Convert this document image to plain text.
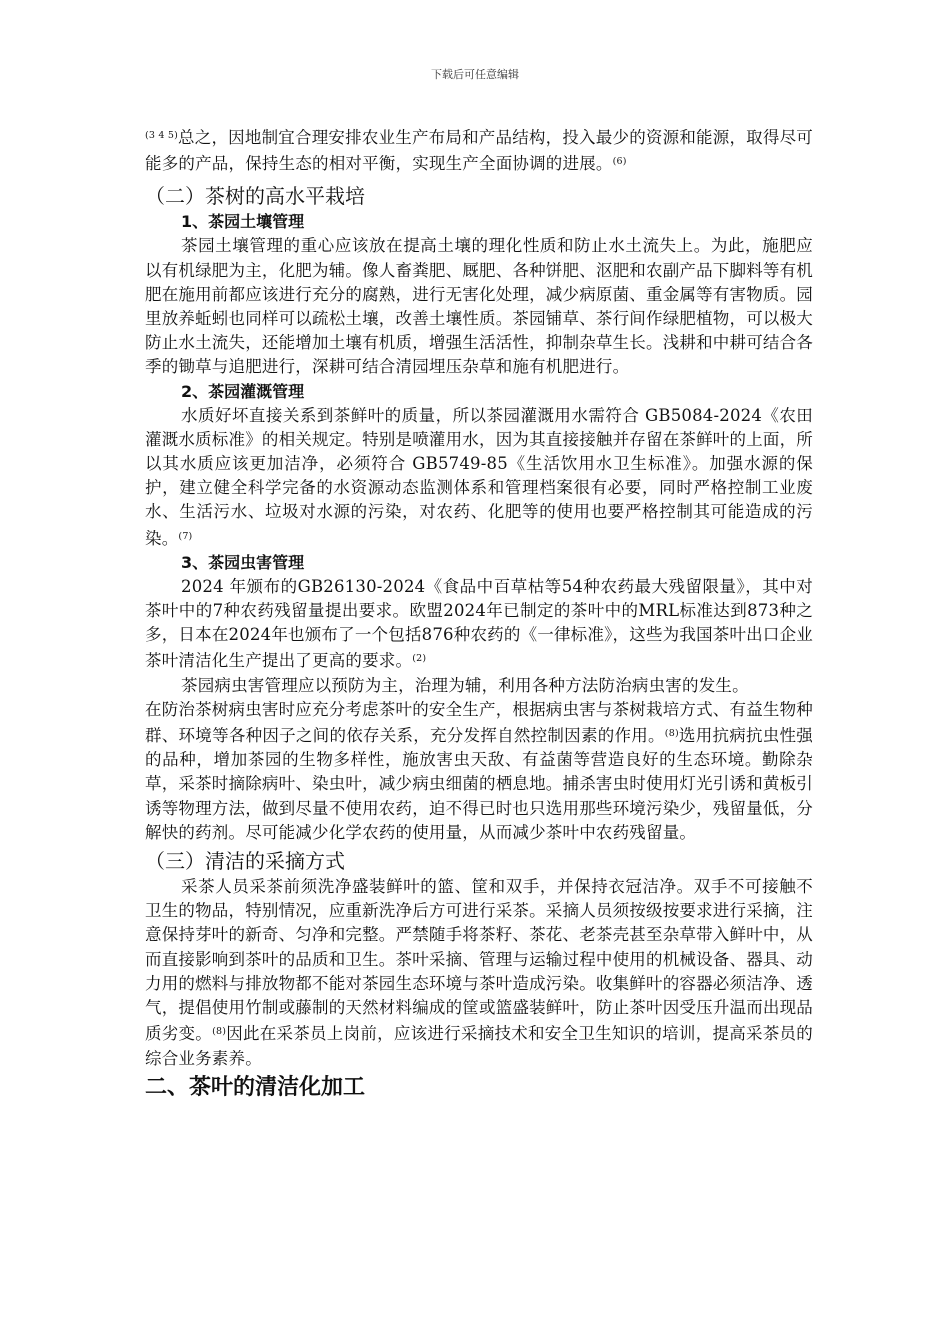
下载后可任意编辑

$^{(3 4 5)}$总之，因地制宜合理安排农业生产布局和产品结构，投入最少的资源和能源，取得尽可能多的产品，保持生态的相对平衡，实现生产全面协调的进展。$^{(6)}$

（二）茶树的高水平栽培
1、茶园土壤管理

茶园土壤管理的重心应该放在提高土壤的理化性质和防止水土流失上。为此，施肥应以有机绿肥为主，化肥为辅。像人畜粪肥、厩肥、各种饼肥、沤肥和农副产品下脚料等有机肥在施用前都应该进行充分的腐熟，进行无害化处理，减少病原菌、重金属等有害物质。园里放养蚯蚓也同样可以疏松土壤，改善土壤性质。茶园铺草、茶行间作绿肥植物，可以极大防止水土流失，还能增加土壤有机质，增强生活活性，抑制杂草生长。浅耕和中耕可结合各季的锄草与追肥进行，深耕可结合清园埋压杂草和施有机肥进行。

2、茶园灌溉管理

水质好坏直接关系到茶鲜叶的质量，所以茶园灌溉用水需符合 GB5084-2024《农田灌溉水质标准》的相关规定。特别是喷灌用水，因为其直接接触并存留在茶鲜叶的上面，所以其水质应该更加洁净，必须符合 GB5749-85《生活饮用水卫生标准》。加强水源的保护，建立健全科学完备的水资源动态监测体系和管理档案很有必要，同时严格控制工业废水、生活污水、垃圾对水源的污染，对农药、化肥等的使用也要严格控制其可能造成的污染。$^{(7)}$

3、茶园虫害管理

2024 年颁布的GB26130-2024《食品中百草枯等54种农药最大残留限量》，其中对茶叶中的7种农药残留量提出要求。欧盟2024年已制定的茶叶中的MRL标准达到873种之多，日本在2024年也颁布了一个包括876种农药的《一律标准》，这些为我国茶叶出口企业茶叶清洁化生产提出了更高的要求。$^{(2)}$

茶园病虫害管理应以预防为主，治理为辅，利用各种方法防治病虫害的发生。

在防治茶树病虫害时应充分考虑茶叶的安全生产，根据病虫害与茶树栽培方式、有益生物种群、环境等各种因子之间的依存关系，充分发挥自然控制因素的作用。$^{(8)}$选用抗病抗虫性强的品种，增加茶园的生物多样性，施放害虫天敌、有益菌等营造良好的生态环境。勤除杂草，采茶时摘除病叶、染虫叶，减少病虫细菌的栖息地。捕杀害虫时使用灯光引诱和黄板引诱等物理方法，做到尽量不使用农药，迫不得已时也只选用那些环境污染少，残留量低，分解快的药剂。尽可能减少化学农药的使用量，从而减少茶叶中农药残留量。

（三）清洁的采摘方式

采茶人员采茶前须洗净盛装鲜叶的篮、筐和双手，并保持衣冠洁净。双手不可接触不卫生的物品，特别情况，应重新洗净后方可进行采茶。采摘人员须按级按要求进行采摘，注意保持芽叶的新奇、匀净和完整。严禁随手将茶籽、茶花、老茶壳甚至杂草带入鲜叶中，从而直接影响到茶叶的品质和卫生。茶叶采摘、管理与运输过程中使用的机械设备、器具、动力用的燃料与排放物都不能对茶园生态环境与茶叶造成污染。收集鲜叶的容器必须洁净、透气，提倡使用竹制或藤制的天然材料编成的筐或篮盛装鲜叶，防止茶叶因受压升温而出现品质劣变。$^{(8)}$因此在采茶员上岗前，应该进行采摘技术和安全卫生知识的培训，提高采茶员的综合业务素养。

二、茶叶的清洁化加工
